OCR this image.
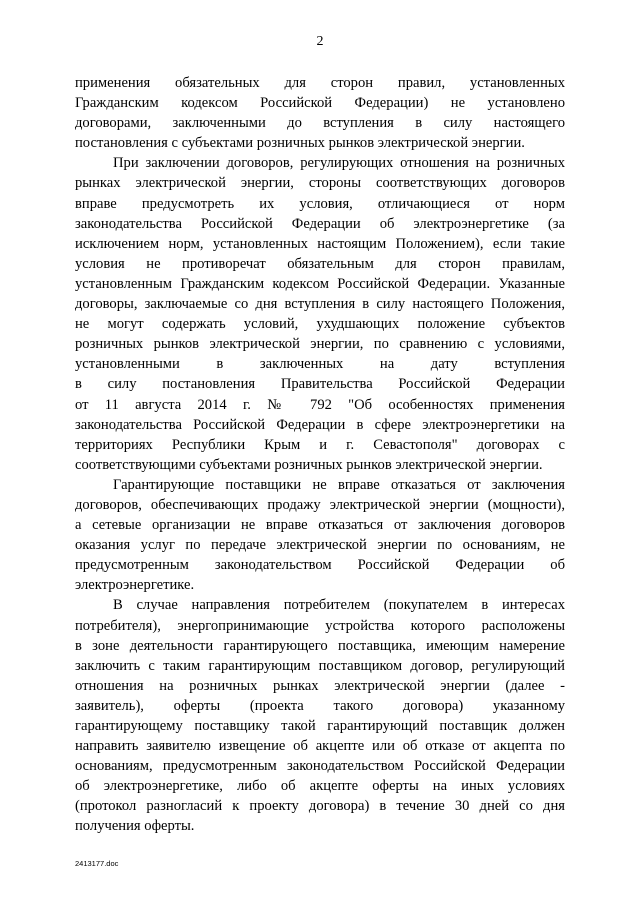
2
применения обязательных для сторон правил, установленных
Гражданским кодексом Российской Федерации) не установлено
договорами, заключенными до вступления в силу настоящего
постановления с субъектами розничных рынков электрической энергии.
При заключении договоров, регулирующих отношения на розничных
рынках электрической энергии, стороны соответствующих договоров
вправе предусмотреть их условия, отличающиеся от норм
законодательства Российской Федерации об электроэнергетике (за
исключением норм, установленных настоящим Положением), если такие
условия не противоречат обязательным для сторон правилам,
установленным Гражданским кодексом Российской Федерации. Указанные
договоры, заключаемые со дня вступления в силу настоящего Положения,
не могут содержать условий, ухудшающих положение субъектов
розничных рынков электрической энергии, по сравнению с условиями,
установленными в заключенных на дату вступления
в силу постановления Правительства Российской Федерации
от 11 августа 2014 г. № 792 "Об особенностях применения
законодательства Российской Федерации в сфере электроэнергетики на
территориях Республики Крым и г. Севастополя" договорах с
соответствующими субъектами розничных рынков электрической энергии.
Гарантирующие поставщики не вправе отказаться от заключения
договоров, обеспечивающих продажу электрической энергии (мощности),
а сетевые организации не вправе отказаться от заключения договоров
оказания услуг по передаче электрической энергии по основаниям, не
предусмотренным законодательством Российской Федерации об
электроэнергетике.
В случае направления потребителем (покупателем в интересах
потребителя), энергопринимающие устройства которого расположены
в зоне деятельности гарантирующего поставщика, имеющим намерение
заключить с таким гарантирующим поставщиком договор, регулирующий
отношения на розничных рынках электрической энергии (далее -
заявитель), оферты (проекта такого договора) указанному
гарантирующему поставщику такой гарантирующий поставщик должен
направить заявителю извещение об акцепте или об отказе от акцепта по
основаниям, предусмотренным законодательством Российской Федерации
об электроэнергетике, либо об акцепте оферты на иных условиях
(протокол разногласий к проекту договора) в течение 30 дней со дня
получения оферты.
2413177.doc
